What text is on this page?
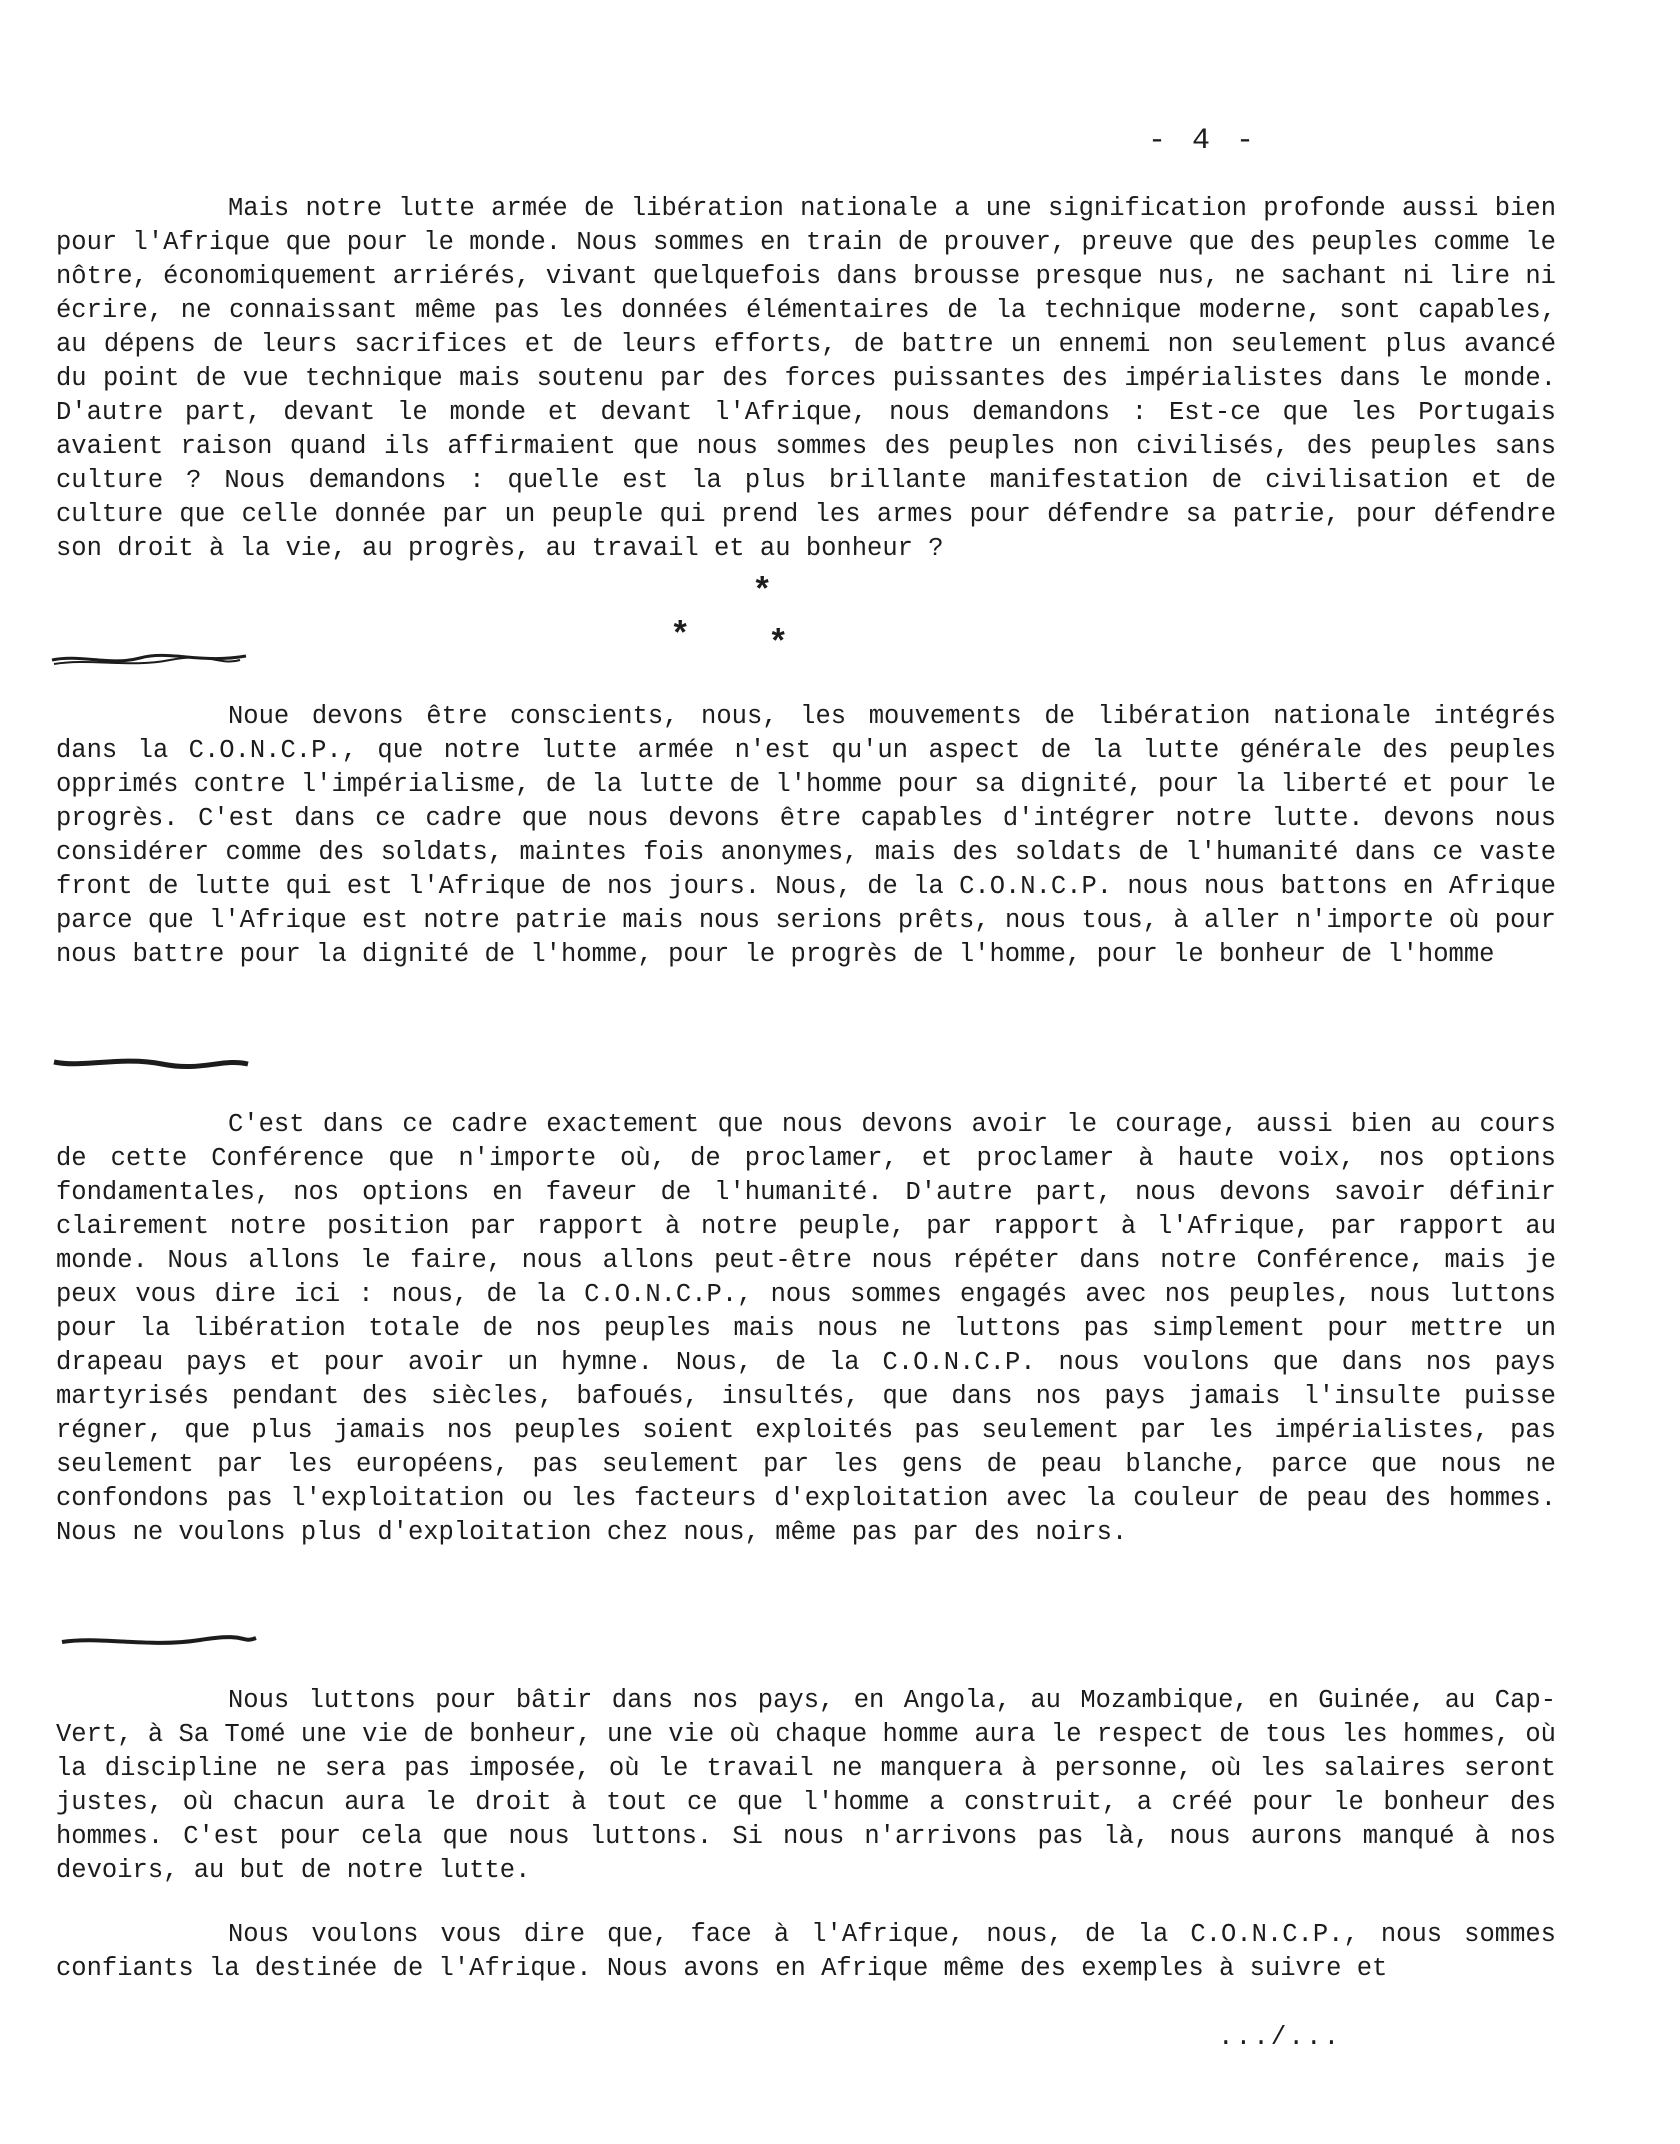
- 4 -

Mais notre lutte armée de libération nationale a une signification profonde aussi bien pour l'Afrique que pour le monde. Nous sommes en train de prouver, preuve que des peuples comme le nôtre, économiquement arriérés, vivant quelquefois dans brousse presque nus, ne sachant ni lire ni écrire, ne connaissant même pas les données élémentaires de la technique moderne, sont capables, au dépens de leurs sacrifices et de leurs efforts, de battre un ennemi non seulement plus avancé du point de vue technique mais soutenu par des forces puissantes des impérialistes dans le monde. D'autre part, devant le monde et devant l'Afrique, nous demandons : Est-ce que les Portugais avaient raison quand ils affirmaient que nous sommes des peuples non civilisés, des peuples sans culture ? Nous demandons : quelle est la plus brillante manifestation de civilisation et de culture que celle donnée par un peuple qui prend les armes pour défendre sa patrie, pour défendre son droit à la vie, au progrès, au travail et au bonheur ?

*
* *

Noue devons être conscients, nous, les mouvements de libération nationale intégrés dans la C.O.N.C.P., que notre lutte armée n'est qu'un aspect de la lutte générale des peuples opprimés contre l'impérialisme, de la lutte de l'homme pour sa dignité, pour la liberté et pour le progrès. C'est dans ce cadre que nous devons être capables d'intégrer notre lutte. devons nous considérer comme des soldats, maintes fois anonymes, mais des soldats de l'humanité dans ce vaste front de lutte qui est l'Afrique de nos jours. Nous, de la C.O.N.C.P. nous nous battons en Afrique parce que l'Afrique est notre patrie mais nous serions prêts, nous tous, à aller n'importe où pour nous battre pour la dignité de l'homme, pour le progrès de l'homme, pour le bonheur de l'homme

C'est dans ce cadre exactement que nous devons avoir le courage, aussi bien au cours de cette Conférence que n'importe où, de proclamer, et proclamer à haute voix, nos options fondamentales, nos options en faveur de l'humanité. D'autre part, nous devons savoir définir clairement notre position par rapport à notre peuple, par rapport à l'Afrique, par rapport au monde. Nous allons le faire, nous allons peut-être nous répéter dans notre Conférence, mais je peux vous dire ici : nous, de la C.O.N.C.P., nous sommes engagés avec nos peuples, nous luttons pour la libération totale de nos peuples mais nous ne luttons pas simplement pour mettre un drapeau pays et pour avoir un hymne. Nous, de la C.O.N.C.P. nous voulons que dans nos pays martyrisés pendant des siècles, bafoués, insultés, que dans nos pays jamais l'insulte puisse régner, que plus jamais nos peuples soient exploités pas seulement par les impérialistes, pas seulement par les européens, pas seulement par les gens de peau blanche, parce que nous ne confondons pas l'exploitation ou les facteurs d'exploitation avec la couleur de peau des hommes. Nous ne voulons plus d'exploitation chez nous, même pas par des noirs.

Nous luttons pour bâtir dans nos pays, en Angola, au Mozambique, en Guinée, au Cap-Vert, à Sa Tomé une vie de bonheur, une vie où chaque homme aura le respect de tous les hommes, où la discipline ne sera pas imposée, où le travail ne manquera à personne, où les salaires seront justes, où chacun aura le droit à tout ce que l'homme a construit, a créé pour le bonheur des hommes. C'est pour cela que nous luttons. Si nous n'arrivons pas là, nous aurons manqué à nos devoirs, au but de notre lutte.

Nous voulons vous dire que, face à l'Afrique, nous, de la C.O.N.C.P., nous sommes confiants la destinée de l'Afrique. Nous avons en Afrique même des exemples à suivre et

.../...
